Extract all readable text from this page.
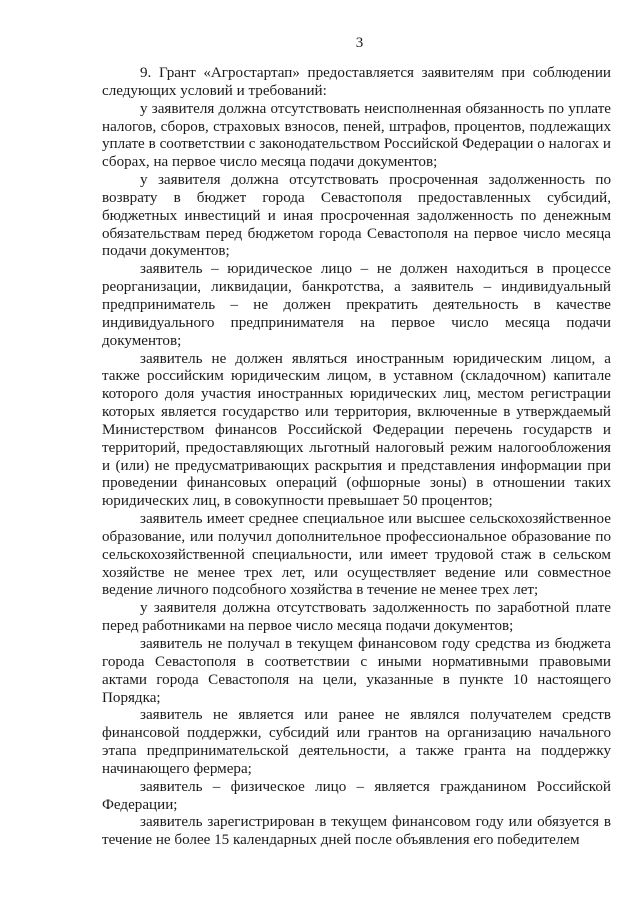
3

9. Грант «Агростартап» предоставляется заявителям при соблюдении следующих условий и требований:

у заявителя должна отсутствовать неисполненная обязанность по уплате налогов, сборов, страховых взносов, пеней, штрафов, процентов, подлежащих уплате в соответствии с законодательством Российской Федерации о налогах и сборах, на первое число месяца подачи документов;

у заявителя должна отсутствовать просроченная задолженность по возврату в бюджет города Севастополя предоставленных субсидий, бюджетных инвестиций и иная просроченная задолженность по денежным обязательствам перед бюджетом города Севастополя на первое число месяца подачи документов;

заявитель – юридическое лицо – не должен находиться в процессе реорганизации, ликвидации, банкротства, а заявитель – индивидуальный предприниматель – не должен прекратить деятельность в качестве индивидуального предпринимателя на первое число месяца подачи документов;

заявитель не должен являться иностранным юридическим лицом, а также российским юридическим лицом, в уставном (складочном) капитале которого доля участия иностранных юридических лиц, местом регистрации которых является государство или территория, включенные в утверждаемый Министерством финансов Российской Федерации перечень государств и территорий, предоставляющих льготный налоговый режим налогообложения и (или) не предусматривающих раскрытия и представления информации при проведении финансовых операций (офшорные зоны) в отношении таких юридических лиц, в совокупности превышает 50 процентов;

заявитель имеет среднее специальное или высшее сельскохозяйственное образование, или получил дополнительное профессиональное образование по сельскохозяйственной специальности, или имеет трудовой стаж в сельском хозяйстве не менее трех лет, или осуществляет ведение или совместное ведение личного подсобного хозяйства в течение не менее трех лет;

у заявителя должна отсутствовать задолженность по заработной плате перед работниками на первое число месяца подачи документов;

заявитель не получал в текущем финансовом году средства из бюджета города Севастополя в соответствии с иными нормативными правовыми актами города Севастополя на цели, указанные в пункте 10 настоящего Порядка;

заявитель не является или ранее не являлся получателем средств финансовой поддержки, субсидий или грантов на организацию начального этапа предпринимательской деятельности, а также гранта на поддержку начинающего фермера;

заявитель – физическое лицо – является гражданином Российской Федерации;

заявитель зарегистрирован в текущем финансовом году или обязуется в течение не более 15 календарных дней после объявления его победителем
